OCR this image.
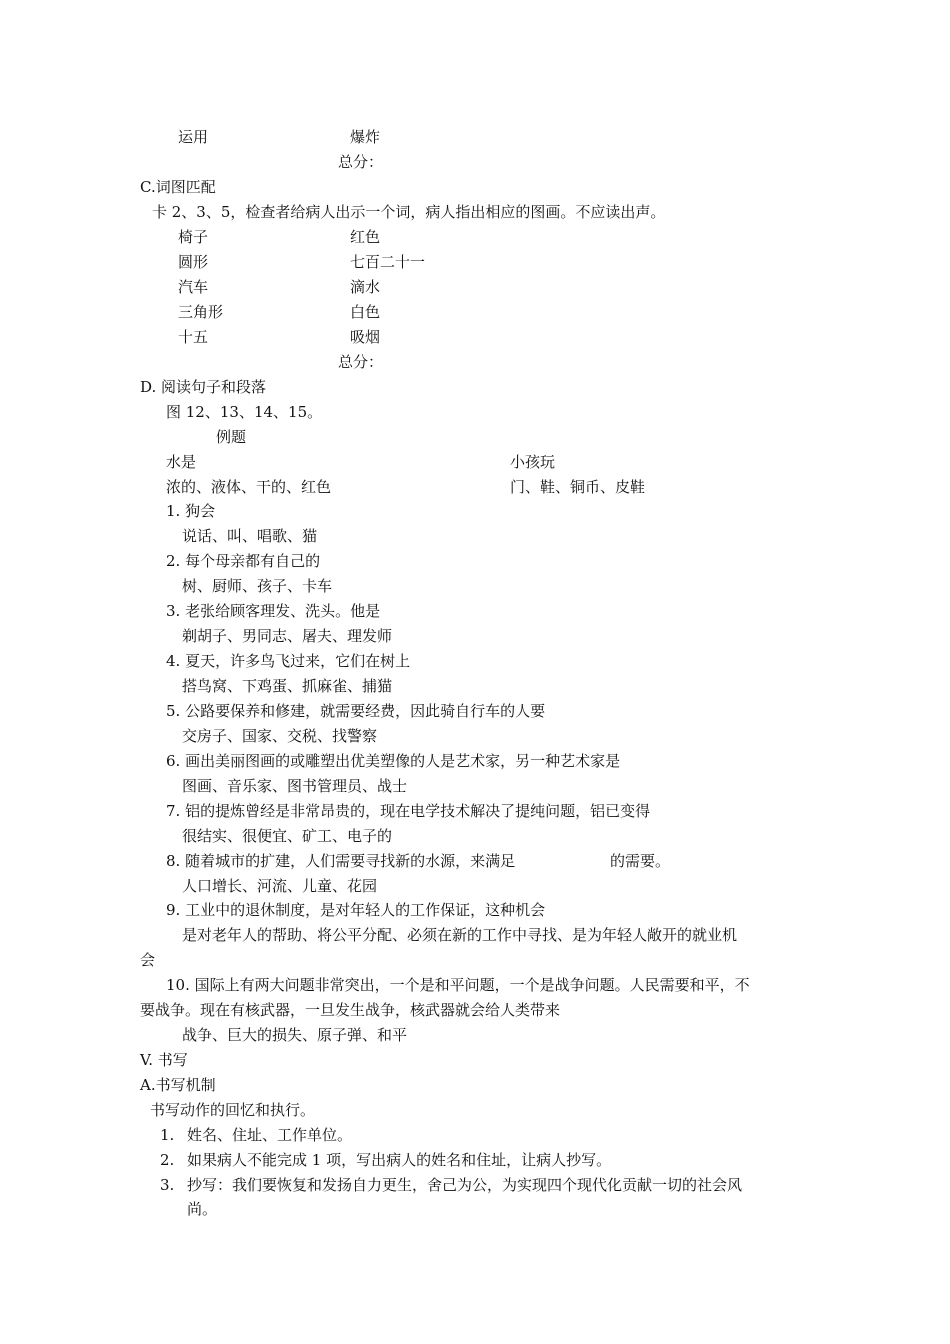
运用	爆炸
总分：
C.词图匹配
卡 2、3、5，检查者给病人出示一个词，病人指出相应的图画。不应读出声。
椅子	红色
圆形	七百二十一
汽车	滴水
三角形	白色
十五	吸烟
总分：
D. 阅读句子和段落
图 12、13、14、15。
例题
水是	小孩玩
浓的、液体、干的、红色	门、鞋、铜币、皮鞋
1. 狗会
说话、叫、唱歌、猫
2. 每个母亲都有自己的
树、厨师、孩子、卡车
3. 老张给顾客理发、洗头。他是
剃胡子、男同志、屠夫、理发师
4. 夏天，许多鸟飞过来，它们在树上
搭鸟窝、下鸡蛋、抓麻雀、捕猫
5. 公路要保养和修建，就需要经费，因此骑自行车的人要
交房子、国家、交税、找警察
6. 画出美丽图画的或雕塑出优美塑像的人是艺术家，另一种艺术家是
图画、音乐家、图书管理员、战士
7. 铝的提炼曾经是非常昂贵的，现在电学技术解决了提纯问题，铝已变得
很结实、很便宜、矿工、电子的
8. 随着城市的扩建，人们需要寻找新的水源，来满足	的需要。
人口增长、河流、儿童、花园
9. 工业中的退休制度，是对年轻人的工作保证，这种机会
是对老年人的帮助、将公平分配、必须在新的工作中寻找、是为年轻人敞开的就业机
会
10. 国际上有两大问题非常突出，一个是和平问题，一个是战争问题。人民需要和平，不
要战争。现在有核武器，一旦发生战争，核武器就会给人类带来
战争、巨大的损失、原子弹、和平
V. 书写
A.书写机制
书写动作的回忆和执行。
1. 姓名、住址、工作单位。
2. 如果病人不能完成 1 项，写出病人的姓名和住址，让病人抄写。
3. 抄写：我们要恢复和发扬自力更生，舍己为公，为实现四个现代化贡献一切的社会风
尚。
